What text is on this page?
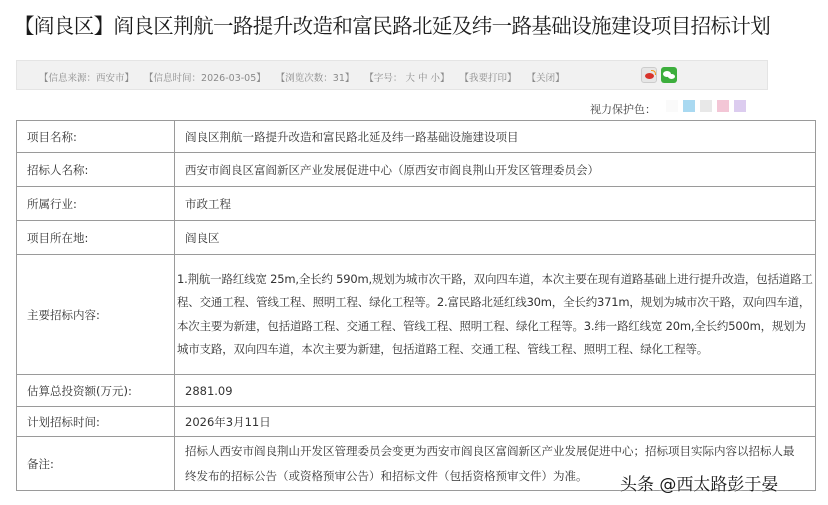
【阎良区】阎良区荆航一路提升改造和富民路北延及纬一路基础设施建设项目招标计划
【信息来源：西安市】 【信息时间：2026-03-05】 【浏览次数：31】 【字号： 大 中 小】 【我要打印】 【关闭】
视力保护色：
项目名称:	阎良区荆航一路提升改造和富民路北延及纬一路基础设施建设项目
招标人名称:	西安市阎良区富阎新区产业发展促进中心（原西安市阎良荆山开发区管理委员会）
所属行业:	市政工程
项目所在地:	阎良区
主要招标内容:	1.荆航一路红线宽 25m,全长约 590m,规划为城市次干路，双向四车道，本次主要在现有道路基础上进行提升改造，包括道路工程、交通工程、管线工程、照明工程、绿化工程等。2.富民路北延红线30m，全长约371m，规划为城市次干路，双向四车道，本次主要为新建，包括道路工程、交通工程、管线工程、照明工程、绿化工程等。3.纬一路红线宽 20m,全长约500m，规划为城市支路，双向四车道，本次主要为新建，包括道路工程、交通工程、管线工程、照明工程、绿化工程等。
估算总投资额(万元):	2881.09
计划招标时间:	2026年3月11日
备注:	招标人西安市阎良荆山开发区管理委员会变更为西安市阎良区富阎新区产业发展促进中心；招标项目实际内容以招标人最终发布的招标公告（或资格预审公告）和招标文件（包括资格预审文件）为准。 头条 @西太路彭于晏
